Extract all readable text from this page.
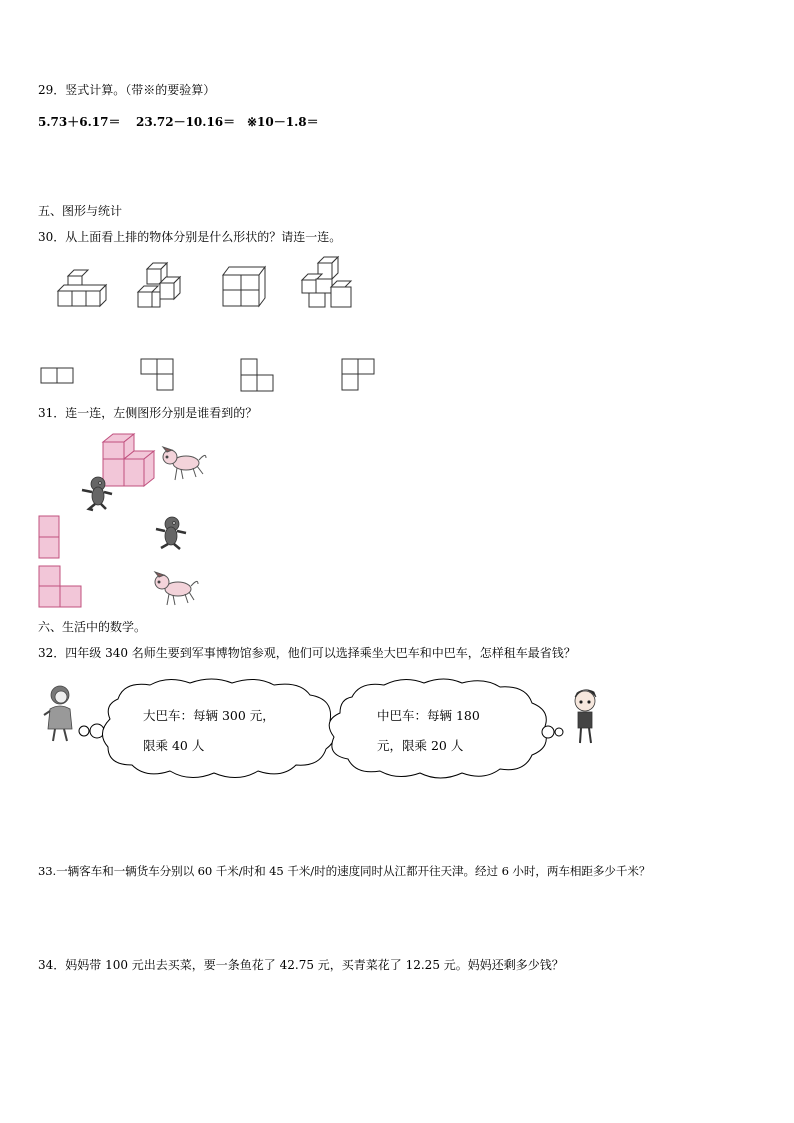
29．竖式计算。（带※的要验算）
5.73＋6.17＝ 23.72－10.16＝ ※10－1.8＝
五、图形与统计
30．从上面看上排的物体分别是什么形状的？请连一连。
31．连一连，左侧图形分别是谁看到的？
六、生活中的数学。
32．四年级 340 名师生要到军事博物馆参观，他们可以选择乘坐大巴车和中巴车，怎样租车最省钱？
大巴车：每辆 300 元，
限乘 40 人
中巴车：每辆 180
元，限乘 20 人
33.一辆客车和一辆货车分别以 60 千米/时和 45 千米/时的速度同时从江都开往天津。经过 6 小时，两车相距多少千米？
34．妈妈带 100 元出去买菜，要一条鱼花了 42.75 元，买青菜花了 12.25 元。妈妈还剩多少钱？
